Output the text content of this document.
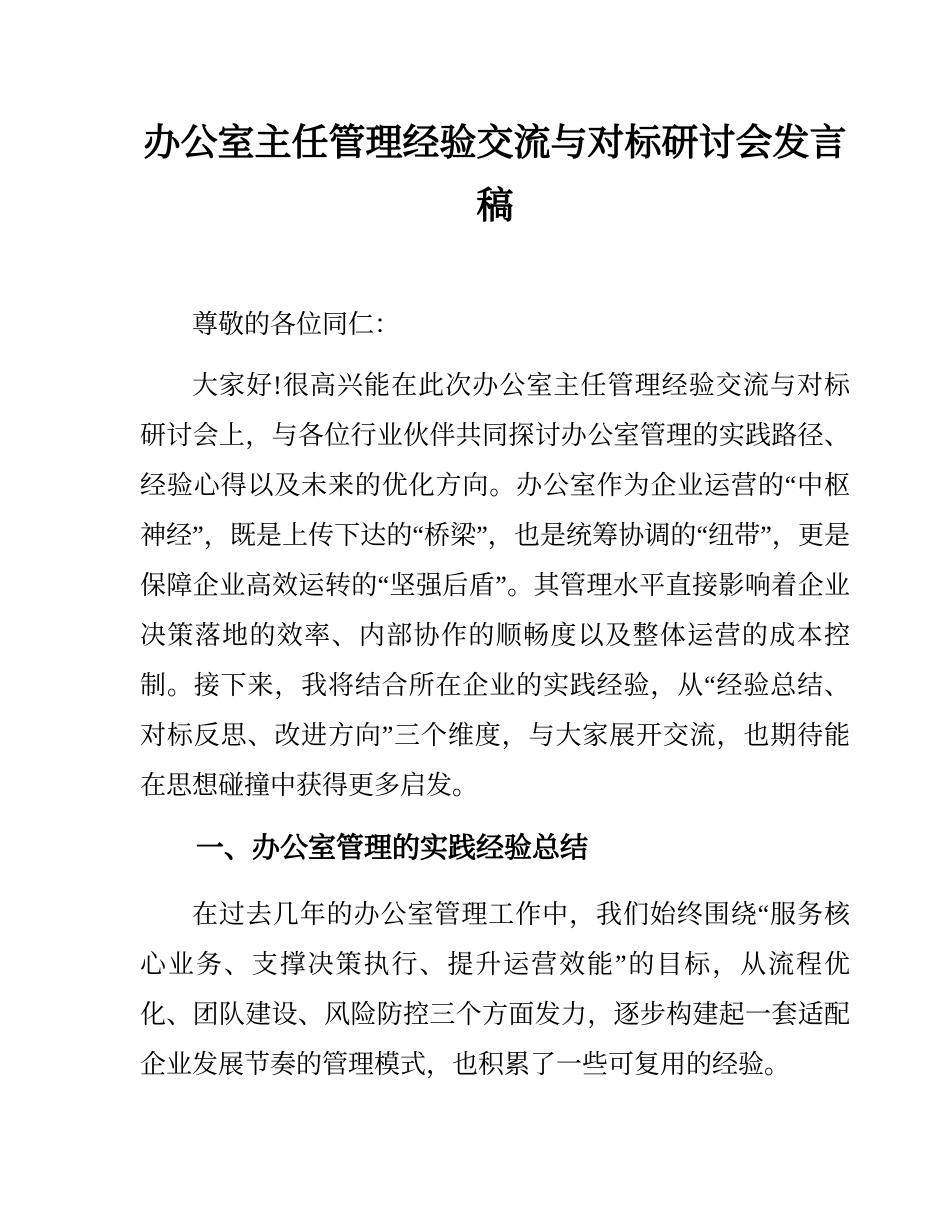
办公室主任管理经验交流与对标研讨会发言稿

尊敬的各位同仁：

大家好!很高兴能在此次办公室主任管理经验交流与对标研讨会上，与各位行业伙伴共同探讨办公室管理的实践路径、经验心得以及未来的优化方向。办公室作为企业运营的“中枢神经”，既是上传下达的“桥梁”，也是统筹协调的“纽带”，更是保障企业高效运转的“坚强后盾”。其管理水平直接影响着企业决策落地的效率、内部协作的顺畅度以及整体运营的成本控制。接下来，我将结合所在企业的实践经验，从“经验总结、对标反思、改进方向”三个维度，与大家展开交流，也期待能在思想碰撞中获得更多启发。

一、办公室管理的实践经验总结

在过去几年的办公室管理工作中，我们始终围绕“服务核心业务、支撑决策执行、提升运营效能”的目标，从流程优化、团队建设、风险防控三个方面发力，逐步构建起一套适配企业发展节奏的管理模式，也积累了一些可复用的经验。
